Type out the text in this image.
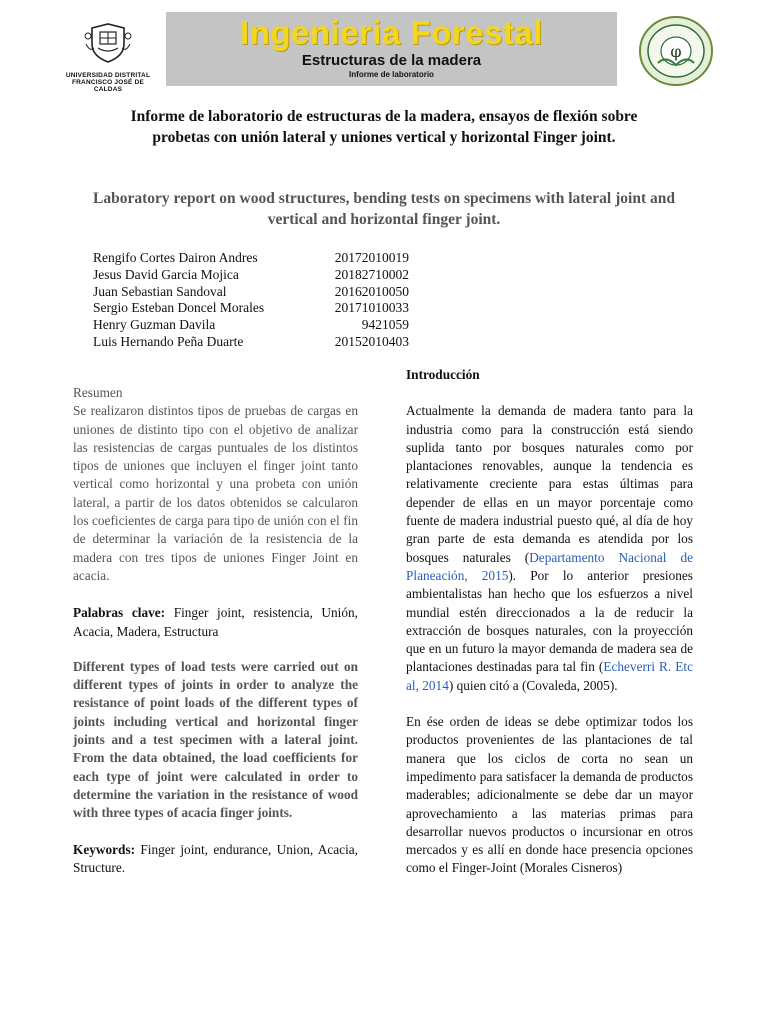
UNIVERSIDAD DISTRITAL
FRANCISCO JOSÉ DE CALDAS
Ingenieria Forestal
Estructuras de la madera
Informe de laboratorio
φ
Informe de laboratorio de estructuras de la madera, ensayos de flexión sobre probetas con unión lateral y uniones vertical y horizontal Finger joint.
Laboratory report on wood structures, bending tests on specimens with lateral joint and vertical and horizontal finger joint.
Rengifo Cortes Dairon Andres	20172010019
Jesus David Garcia Mojica	20182710002
Juan Sebastian Sandoval	20162010050
Sergio Esteban Doncel Morales	20171010033
Henry Guzman Davila	9421059
Luis Hernando Peña Duarte	20152010403
Resumen

Se realizaron distintos tipos de pruebas de cargas en uniones de distinto tipo con el objetivo de analizar las resistencias de cargas puntuales de los distintos tipos de uniones que incluyen el finger joint tanto vertical como horizontal y una probeta con unión lateral, a partir de los datos obtenidos se calcularon los coeficientes de carga para tipo de unión con el fin de determinar la variación de la resistencia de la madera con tres tipos de uniones Finger Joint en acacia.

Palabras clave: Finger joint, resistencia, Unión, Acacia, Madera, Estructura

Different types of load tests were carried out on different types of joints in order to analyze the resistance of point loads of the different types of joints including vertical and horizontal finger joints and a test specimen with a lateral joint. From the data obtained, the load coefficients for each type of joint were calculated in order to determine the variation in the resistance of wood with three types of acacia finger joints.

Keywords: Finger joint, endurance, Union, Acacia, Structure.

Introducción

Actualmente la demanda de madera tanto para la industria como para la construcción está siendo suplida tanto por bosques naturales como por plantaciones renovables, aunque la tendencia es relativamente creciente para estas últimas para depender de ellas en un mayor porcentaje como fuente de madera industrial puesto qué, al día de hoy gran parte de esta demanda es atendida por los bosques naturales (Departamento Nacional de Planeación, 2015). Por lo anterior presiones ambientalistas han hecho que los esfuerzos a nivel mundial estén direccionados a la de reducir la extracción de bosques naturales, con la proyección que en un futuro la mayor demanda de madera sea de plantaciones destinadas para tal fin (Echeverri R. Etc al, 2014) quien citó a (Covaleda, 2005).

En ése orden de ideas se debe optimizar todos los productos provenientes de las plantaciones de tal manera que los ciclos de corta no sean un impedimento para satisfacer la demanda de productos maderables; adicionalmente se debe dar un mayor aprovechamiento a las materias primas para desarrollar nuevos productos o incursionar en otros mercados y es allí en donde hace presencia opciones como el Finger-Joint (Morales Cisneros)
